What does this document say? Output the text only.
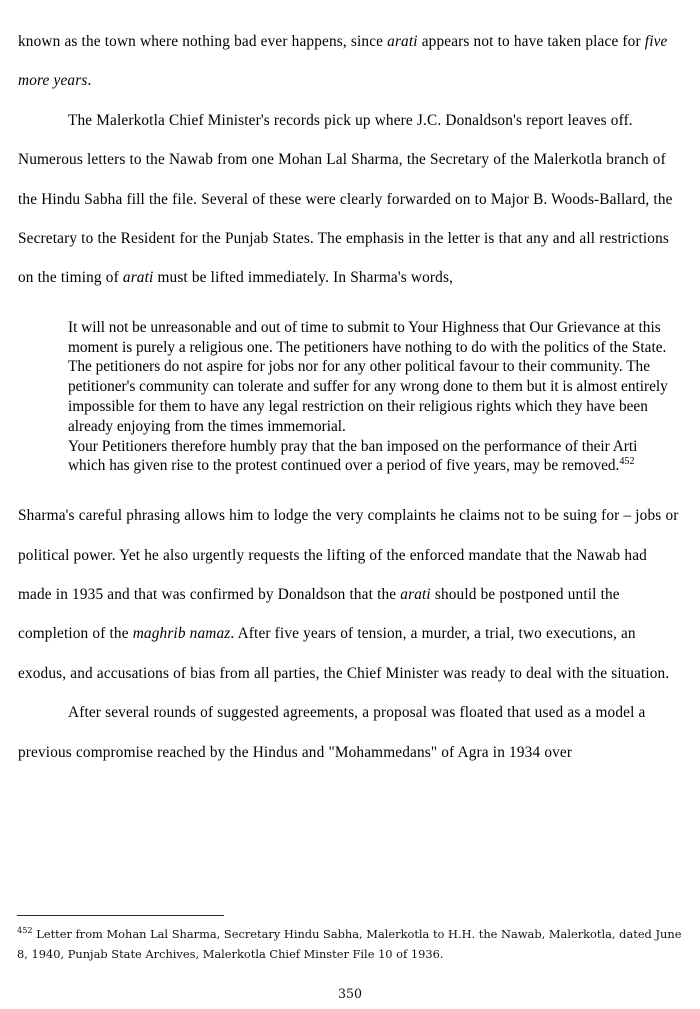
known as the town where nothing bad ever happens, since arati appears not to have taken place for five more years.

The Malerkotla Chief Minister's records pick up where J.C. Donaldson's report leaves off. Numerous letters to the Nawab from one Mohan Lal Sharma, the Secretary of the Malerkotla branch of the Hindu Sabha fill the file. Several of these were clearly forwarded on to Major B. Woods-Ballard, the Secretary to the Resident for the Punjab States. The emphasis in the letter is that any and all restrictions on the timing of arati must be lifted immediately. In Sharma's words,

It will not be unreasonable and out of time to submit to Your Highness that Our Grievance at this moment is purely a religious one. The petitioners have nothing to do with the politics of the State. The petitioners do not aspire for jobs nor for any other political favour to their community. The petitioner's community can tolerate and suffer for any wrong done to them but it is almost entirely impossible for them to have any legal restriction on their religious rights which they have been already enjoying from the times immemorial.

Your Petitioners therefore humbly pray that the ban imposed on the performance of their Arti which has given rise to the protest continued over a period of five years, may be removed.$^{452}$

Sharma's careful phrasing allows him to lodge the very complaints he claims not to be suing for – jobs or political power. Yet he also urgently requests the lifting of the enforced mandate that the Nawab had made in 1935 and that was confirmed by Donaldson that the arati should be postponed until the completion of the maghrib namaz. After five years of tension, a murder, a trial, two executions, an exodus, and accusations of bias from all parties, the Chief Minister was ready to deal with the situation.

After several rounds of suggested agreements, a proposal was floated that used as a model a previous compromise reached by the Hindus and "Mohammedans" of Agra in 1934 over

$^{452}$ Letter from Mohan Lal Sharma, Secretary Hindu Sabha, Malerkotla to H.H. the Nawab, Malerkotla, dated June 8, 1940, Punjab State Archives, Malerkotla Chief Minster File 10 of 1936.
350
